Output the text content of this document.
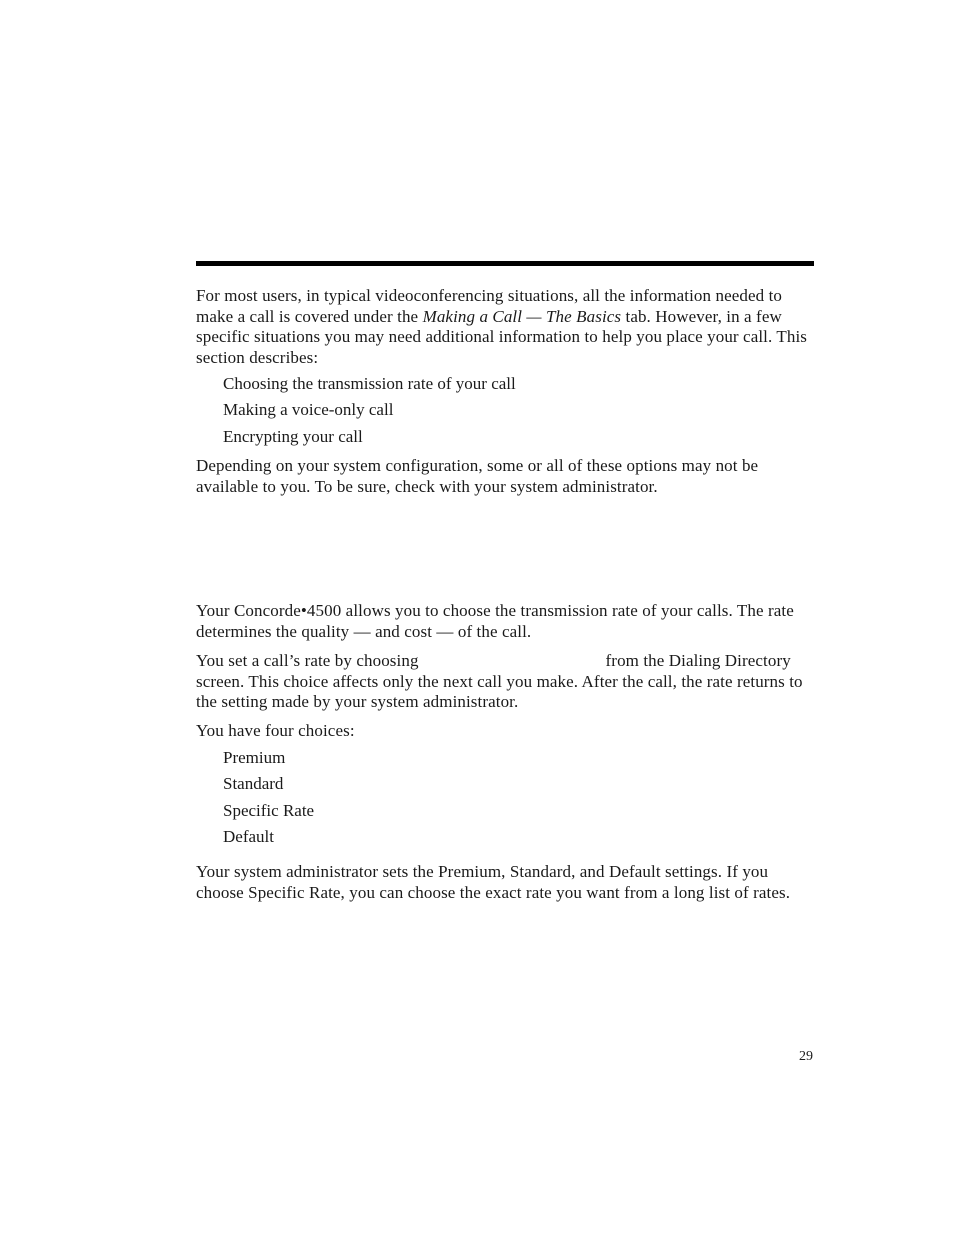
For most users, in typical videoconferencing situations, all the information needed to make a call is covered under the Making a Call — The Basics tab. However, in a few specific situations you may need additional information to help you place your call. This section describes:

Choosing the transmission rate of your call

Making a voice-only call

Encrypting your call

Depending on your system configuration, some or all of these options may not be available to you. To be sure, check with your system administrator.

Your Concorde•4500 allows you to choose the transmission rate of your calls. The rate determines the quality — and cost — of the call.

You set a call’s rate by choosing	from the Dialing Directory screen. This choice affects only the next call you make. After the call, the rate returns to the setting made by your system administrator.

You have four choices:

Premium

Standard

Specific Rate

Default

Your system administrator sets the Premium, Standard, and Default settings. If you choose Specific Rate, you can choose the exact rate you want from a long list of rates.

29
